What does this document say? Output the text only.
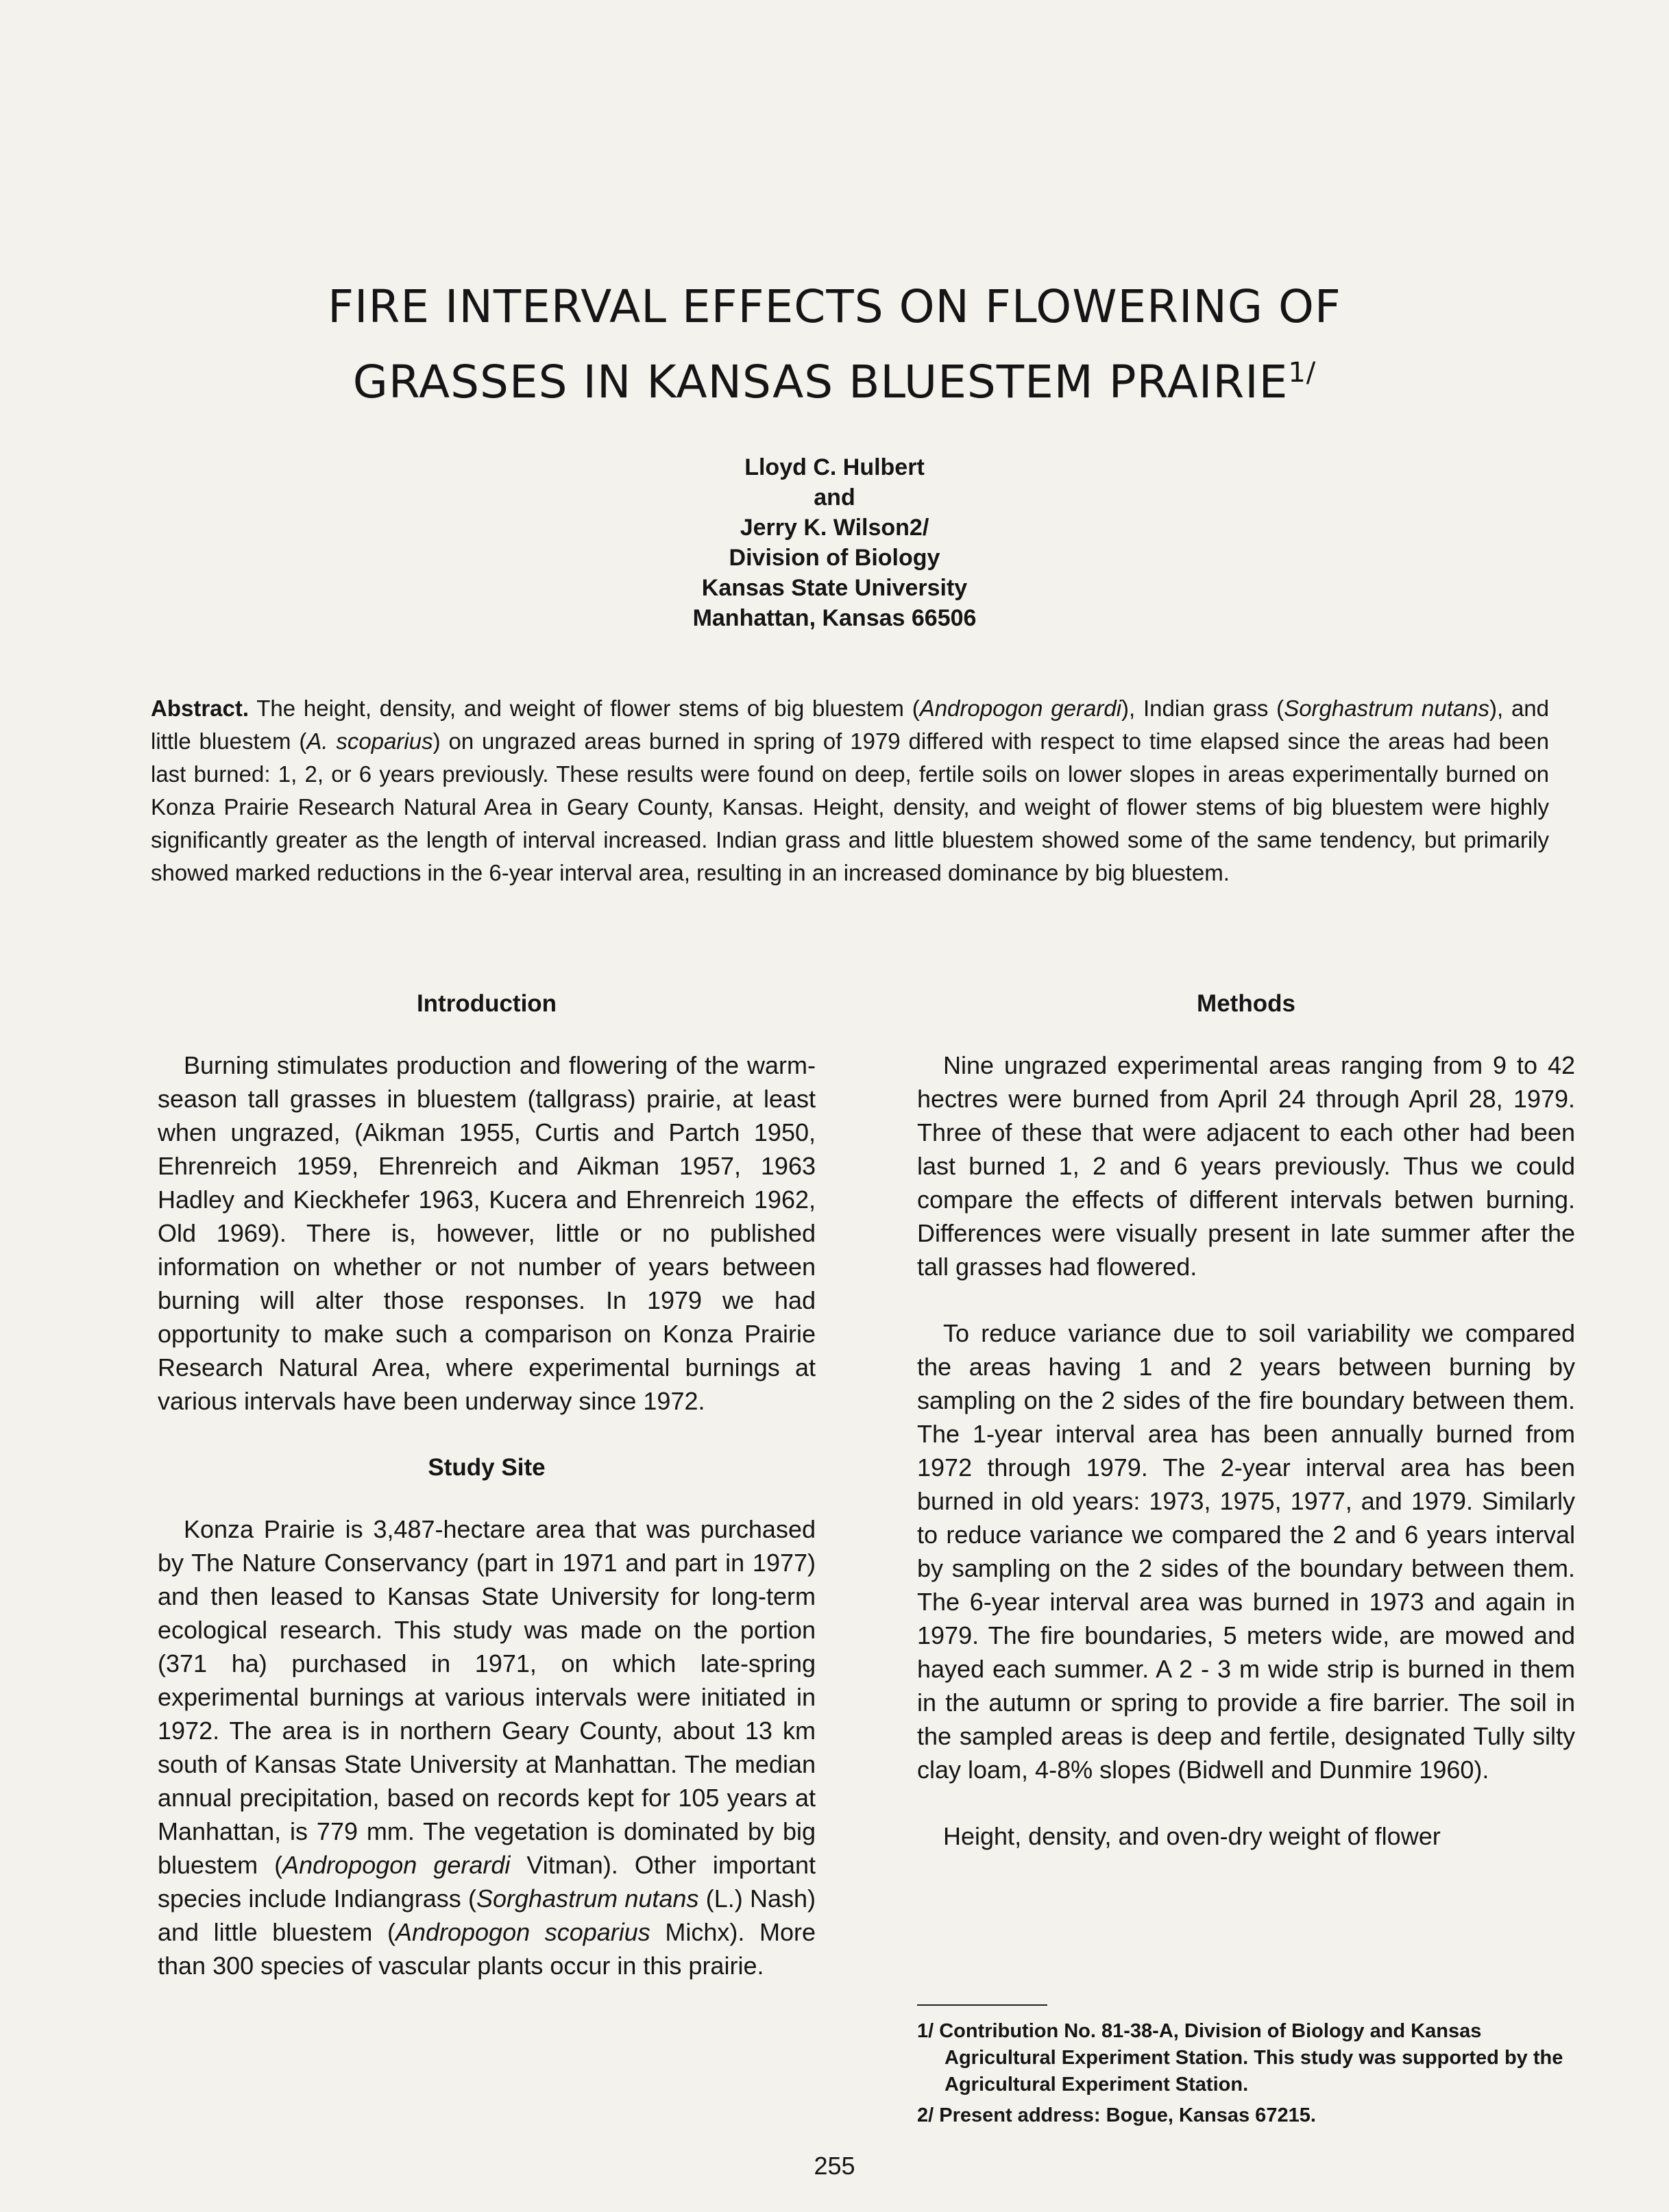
FIRE INTERVAL EFFECTS ON FLOWERING OF
GRASSES IN KANSAS BLUESTEM $PRAIRIE^{1/}$
Lloyd C. Hulbert
and
Jerry K. Wilson2/
Division of Biology
Kansas State University
Manhattan, Kansas 66506
Abstract. The height, density, and weight of flower stems of big bluestem (Andropogon gerardi), Indian grass (Sorghastrum nutans), and little bluestem (A. scoparius) on ungrazed areas burned in spring of 1979 differed with respect to time elapsed since the areas had been last burned: 1, 2, or 6 years previously. These results were found on deep, fertile soils on lower slopes in areas experimentally burned on Konza Prairie Research Natural Area in Geary County, Kansas. Height, density, and weight of flower stems of big bluestem were highly significantly greater as the length of interval increased. Indian grass and little bluestem showed some of the same tendency, but primarily showed marked reductions in the 6-year interval area, resulting in an increased dominance by big bluestem.
Introduction

Burning stimulates production and flowering of the warm-season tall grasses in bluestem (tallgrass) prairie, at least when ungrazed, (Aikman 1955, Curtis and Partch 1950, Ehrenreich 1959, Ehrenreich and Aikman 1957, 1963 Hadley and Kieckhefer 1963, Kucera and Ehrenreich 1962, Old 1969). There is, however, little or no published information on whether or not number of years between burning will alter those responses. In 1979 we had opportunity to make such a comparison on Konza Prairie Research Natural Area, where experimental burnings at various intervals have been underway since 1972.

Study Site

Konza Prairie is 3,487-hectare area that was purchased by The Nature Conservancy (part in 1971 and part in 1977) and then leased to Kansas State University for long-term ecological research. This study was made on the portion (371 ha) purchased in 1971, on which late-spring experimental burnings at various intervals were initiated in 1972. The area is in northern Geary County, about 13 km south of Kansas State University at Manhattan. The median annual precipitation, based on records kept for 105 years at Manhattan, is 779 mm. The vegetation is dominated by big bluestem (Andropogon gerardi Vitman). Other important species include Indiangrass (Sorghastrum nutans (L.) Nash) and little bluestem (Andropogon scoparius Michx). More than 300 species of vascular plants occur in this prairie.

Methods

Nine ungrazed experimental areas ranging from 9 to 42 hectres were burned from April 24 through April 28, 1979. Three of these that were adjacent to each other had been last burned 1, 2 and 6 years previously. Thus we could compare the effects of different intervals betwen burning. Differences were visually present in late summer after the tall grasses had flowered.

To reduce variance due to soil variability we compared the areas having 1 and 2 years between burning by sampling on the 2 sides of the fire boundary between them. The 1-year interval area has been annually burned from 1972 through 1979. The 2-year interval area has been burned in old years: 1973, 1975, 1977, and 1979. Similarly to reduce variance we compared the 2 and 6 years interval by sampling on the 2 sides of the boundary between them. The 6-year interval area was burned in 1973 and again in 1979. The fire boundaries, 5 meters wide, are mowed and hayed each summer. A 2 - 3 m wide strip is burned in them in the autumn or spring to provide a fire barrier. The soil in the sampled areas is deep and fertile, designated Tully silty clay loam, 4-8% slopes (Bidwell and Dunmire 1960).

Height, density, and oven-dry weight of flower

1/ Contribution No. 81-38-A, Division of Biology and Kansas Agricultural Experiment Station. This study was supported by the Agricultural Experiment Station.
2/ Present address: Bogue, Kansas 67215.
255
